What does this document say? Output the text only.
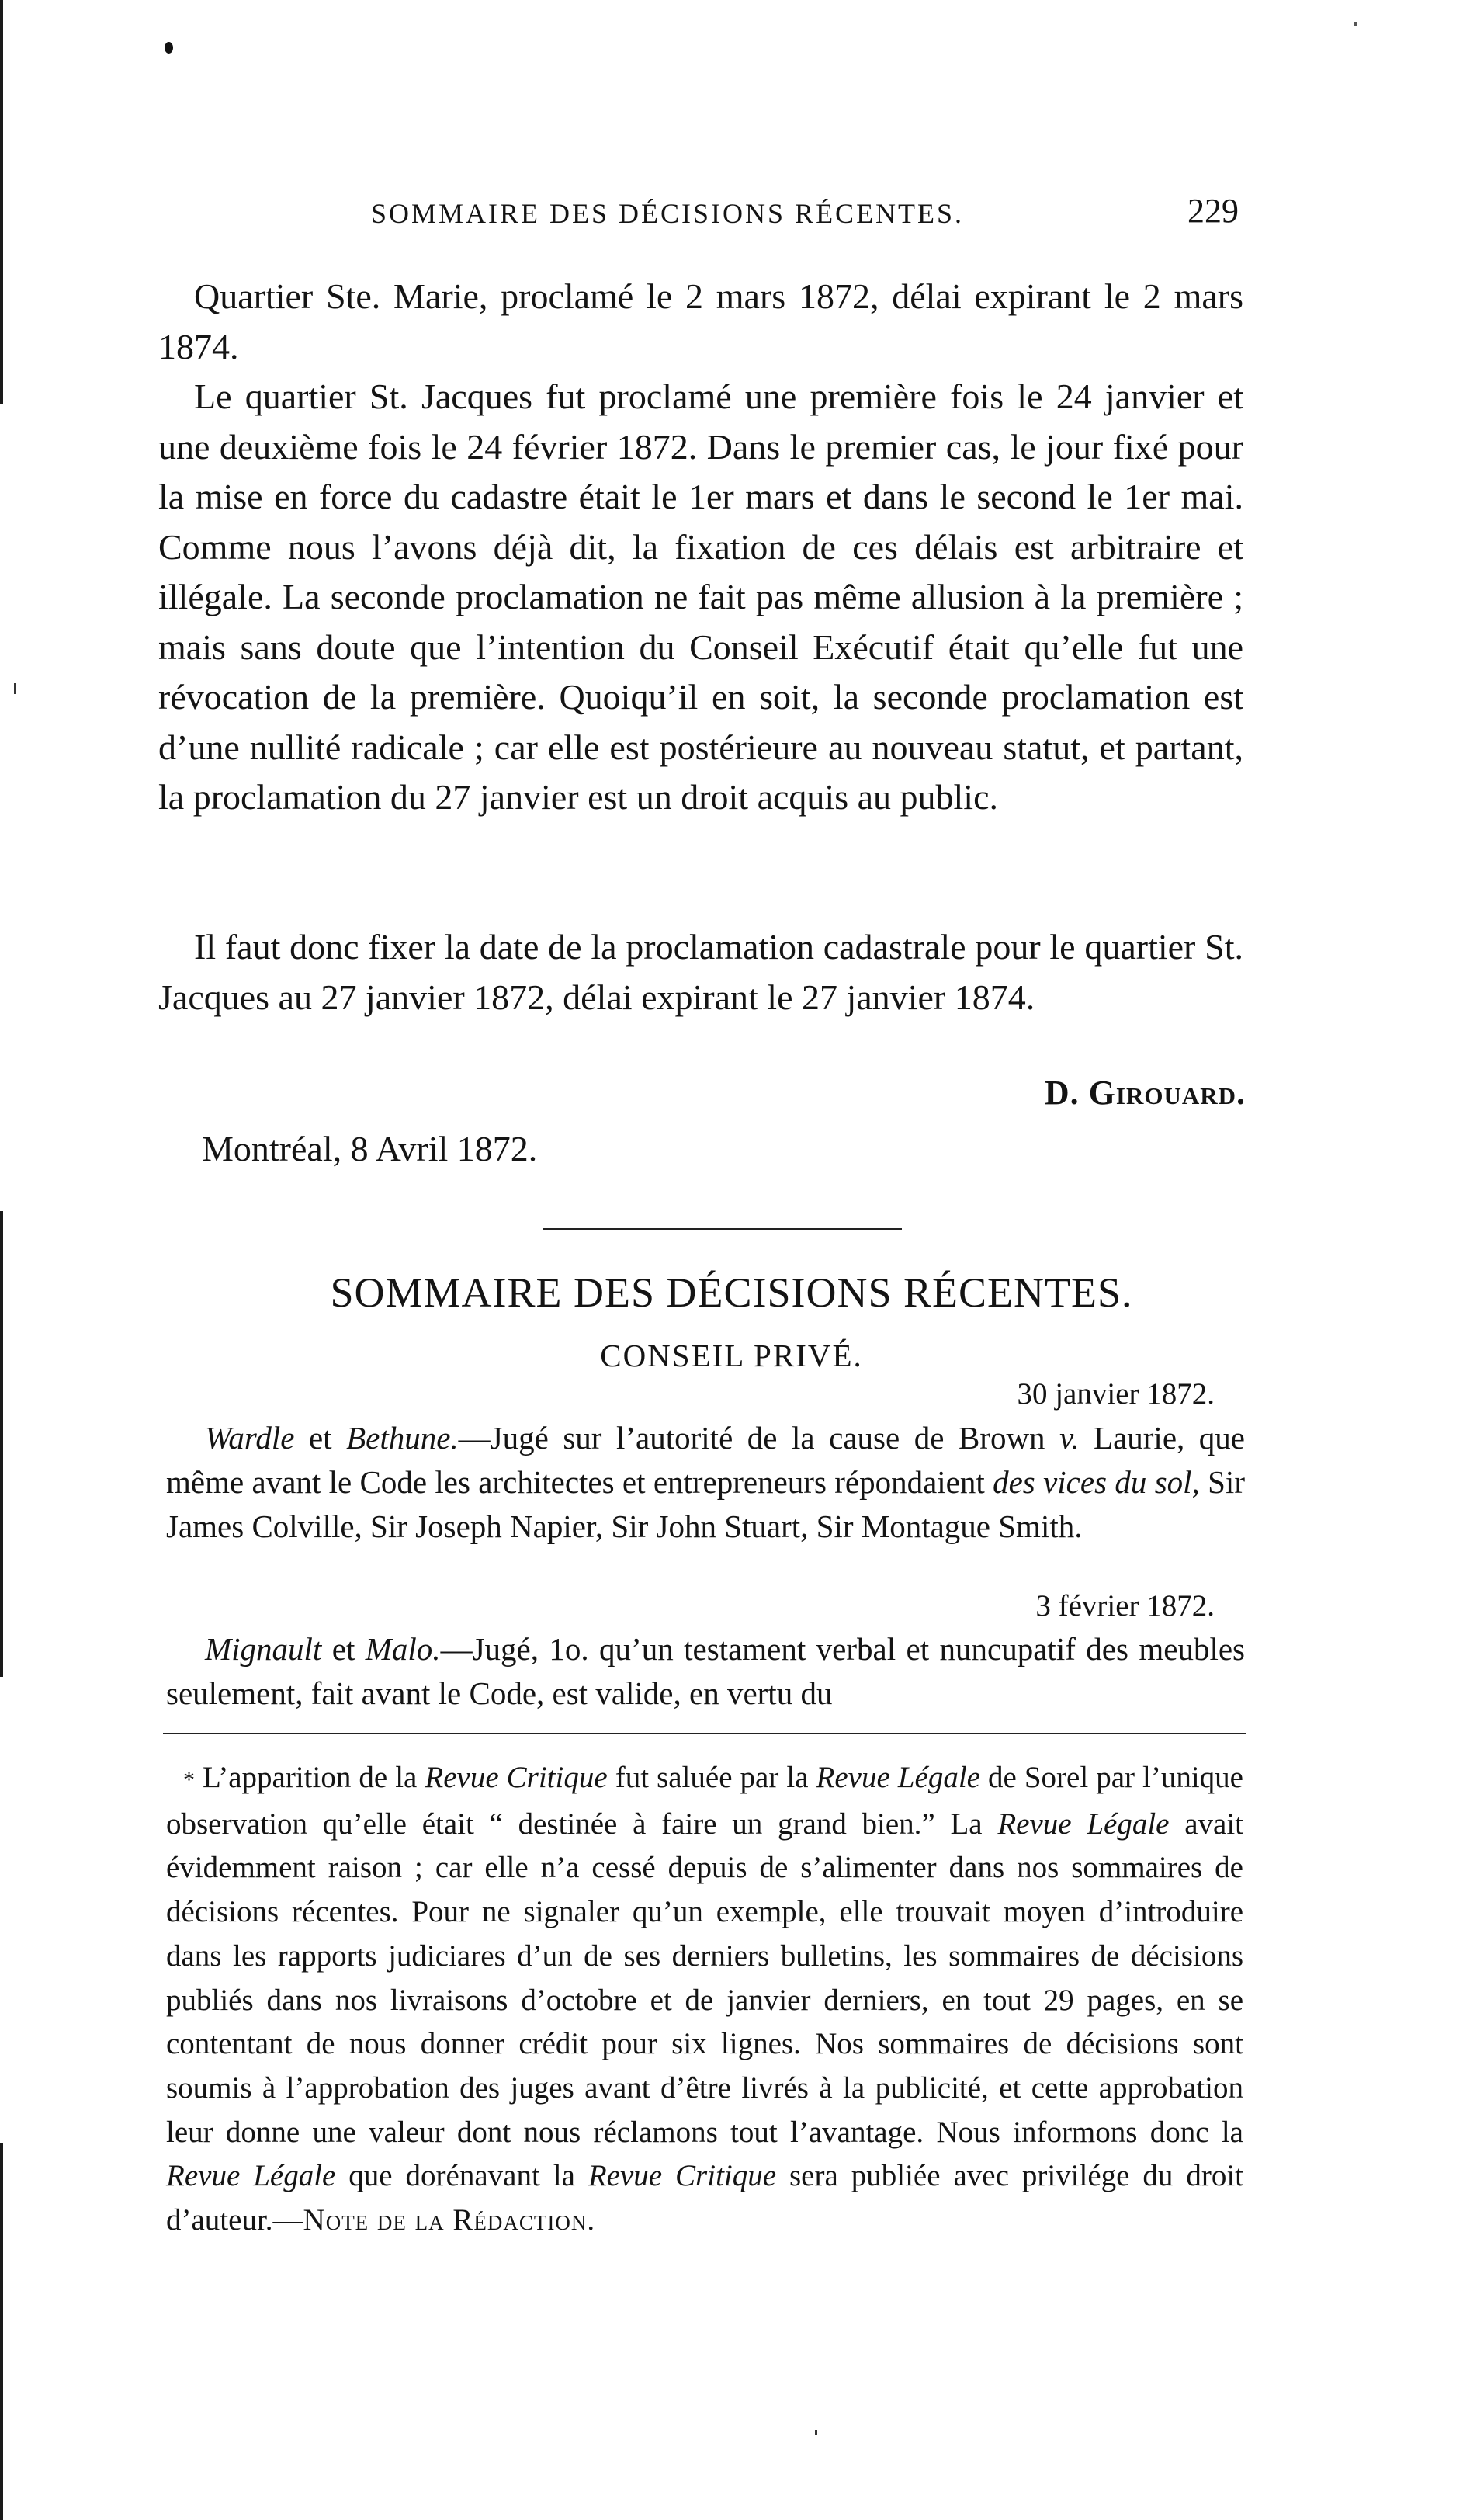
SOMMAIRE DES DÉCISIONS RÉCENTES.	229

Quartier Ste. Marie, proclamé le 2 mars 1872, délai expirant le 2 mars 1874.

Le quartier St. Jacques fut proclamé une première fois le 24 janvier et une deuxième fois le 24 février 1872. Dans le premier cas, le jour fixé pour la mise en force du cadastre était le 1er mars et dans le second le 1er mai. Comme nous l’avons déjà dit, la fixation de ces délais est arbitraire et illégale. La seconde proclamation ne fait pas même allusion à la première ; mais sans doute que l’intention du Conseil Exécutif était qu’elle fut une révocation de la première. Quoiqu’il en soit, la seconde proclamation est d’une nullité radicale ; car elle est postérieure au nouveau statut, et partant, la proclamation du 27 janvier est un droit acquis au public.

Il faut donc fixer la date de la proclamation cadastrale pour le quartier St. Jacques au 27 janvier 1872, délai expirant le 27 janvier 1874.

D. Girouard.
Montréal, 8 Avril 1872.
SOMMAIRE DES DÉCISIONS RÉCENTES.
CONSEIL PRIVÉ.
30 janvier 1872.

Wardle et Bethune.—Jugé sur l’autorité de la cause de Brown v. Laurie, que même avant le Code les architectes et entrepreneurs répondaient des vices du sol, Sir James Colville, Sir Joseph Napier, Sir John Stuart, Sir Montague Smith.

3 février 1872.

Mignault et Malo.—Jugé, 1o. qu’un testament verbal et nuncupatif des meubles seulement, fait avant le Code, est valide, en vertu du

* L’apparition de la Revue Critique fut saluée par la Revue Légale de Sorel par l’unique observation qu’elle était “ destinée à faire un grand bien.” La Revue Légale avait évidemment raison ; car elle n’a cessé depuis de s’alimenter dans nos sommaires de décisions récentes. Pour ne signaler qu’un exemple, elle trouvait moyen d’introduire dans les rapports judiciares d’un de ses derniers bulletins, les sommaires de décisions publiés dans nos livraisons d’octobre et de janvier derniers, en tout 29 pages, en se contentant de nous donner crédit pour six lignes. Nos sommaires de décisions sont soumis à l’approbation des juges avant d’être livrés à la publicité, et cette approbation leur donne une valeur dont nous réclamons tout l’avantage. Nous informons donc la Revue Légale que dorénavant la Revue Critique sera publiée avec privilége du droit d’auteur.—Note de la Rédaction.
